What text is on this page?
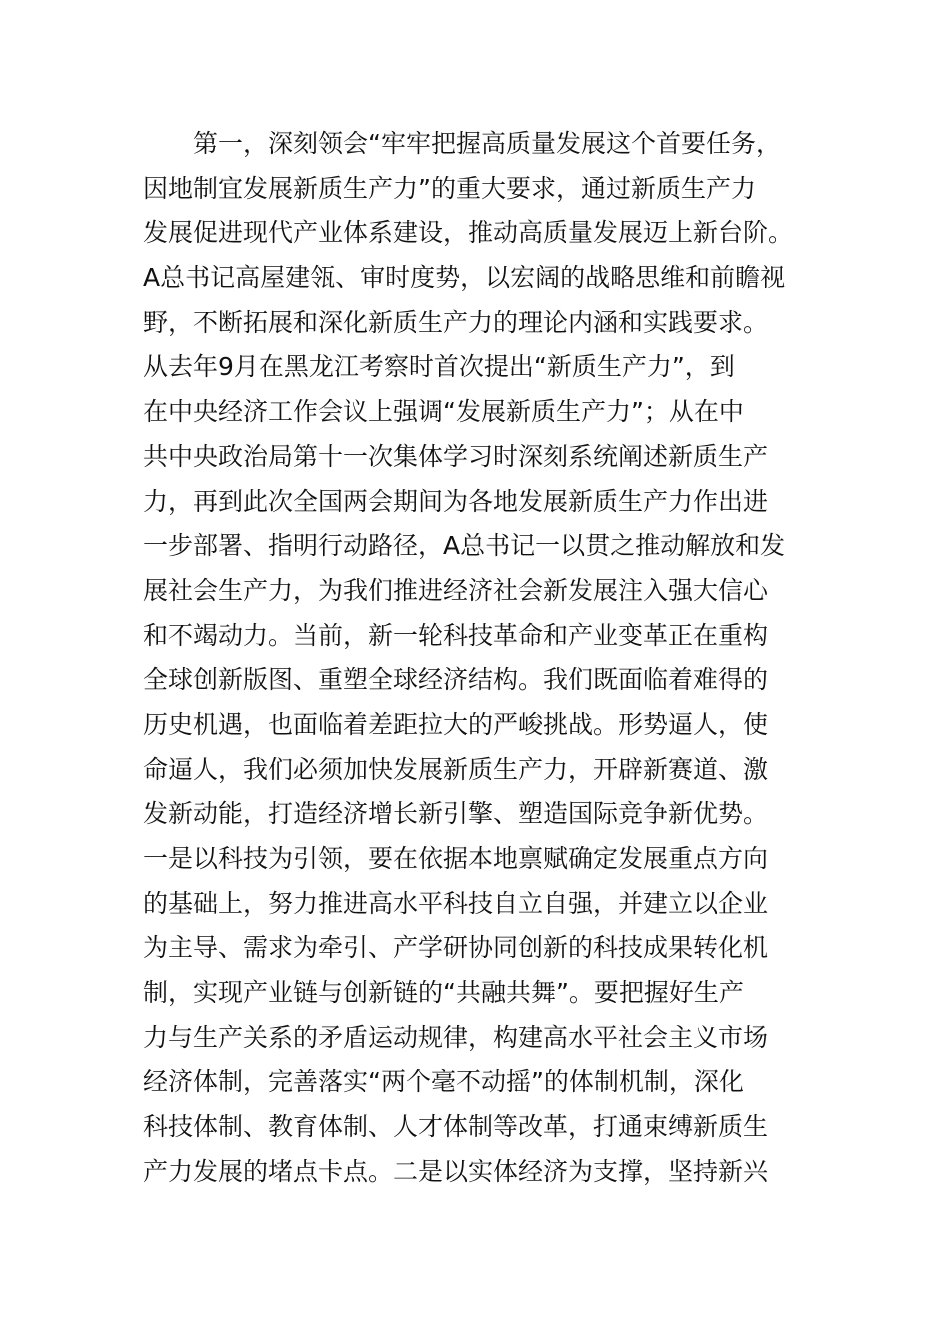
　　第一，深刻领会“牢牢把握高质量发展这个首要任务，
因地制宜发展新质生产力”的重大要求，通过新质生产力
发展促进现代产业体系建设，推动高质量发展迈上新台阶。
A总书记高屋建瓴、审时度势，以宏阔的战略思维和前瞻视
野，不断拓展和深化新质生产力的理论内涵和实践要求。
从去年9月在黑龙江考察时首次提出“新质生产力”，到
在中央经济工作会议上强调“发展新质生产力”；从在中
共中央政治局第十一次集体学习时深刻系统阐述新质生产
力，再到此次全国两会期间为各地发展新质生产力作出进
一步部署、指明行动路径，A总书记一以贯之推动解放和发
展社会生产力，为我们推进经济社会新发展注入强大信心
和不竭动力。当前，新一轮科技革命和产业变革正在重构
全球创新版图、重塑全球经济结构。我们既面临着难得的
历史机遇，也面临着差距拉大的严峻挑战。形势逼人，使
命逼人，我们必须加快发展新质生产力，开辟新赛道、激
发新动能，打造经济增长新引擎、塑造国际竞争新优势。
一是以科技为引领，要在依据本地禀赋确定发展重点方向
的基础上，努力推进高水平科技自立自强，并建立以企业
为主导、需求为牵引、产学研协同创新的科技成果转化机
制，实现产业链与创新链的“共融共舞”。要把握好生产
力与生产关系的矛盾运动规律，构建高水平社会主义市场
经济体制，完善落实“两个毫不动摇”的体制机制，深化
科技体制、教育体制、人才体制等改革，打通束缚新质生
产力发展的堵点卡点。二是以实体经济为支撑，坚持新兴
